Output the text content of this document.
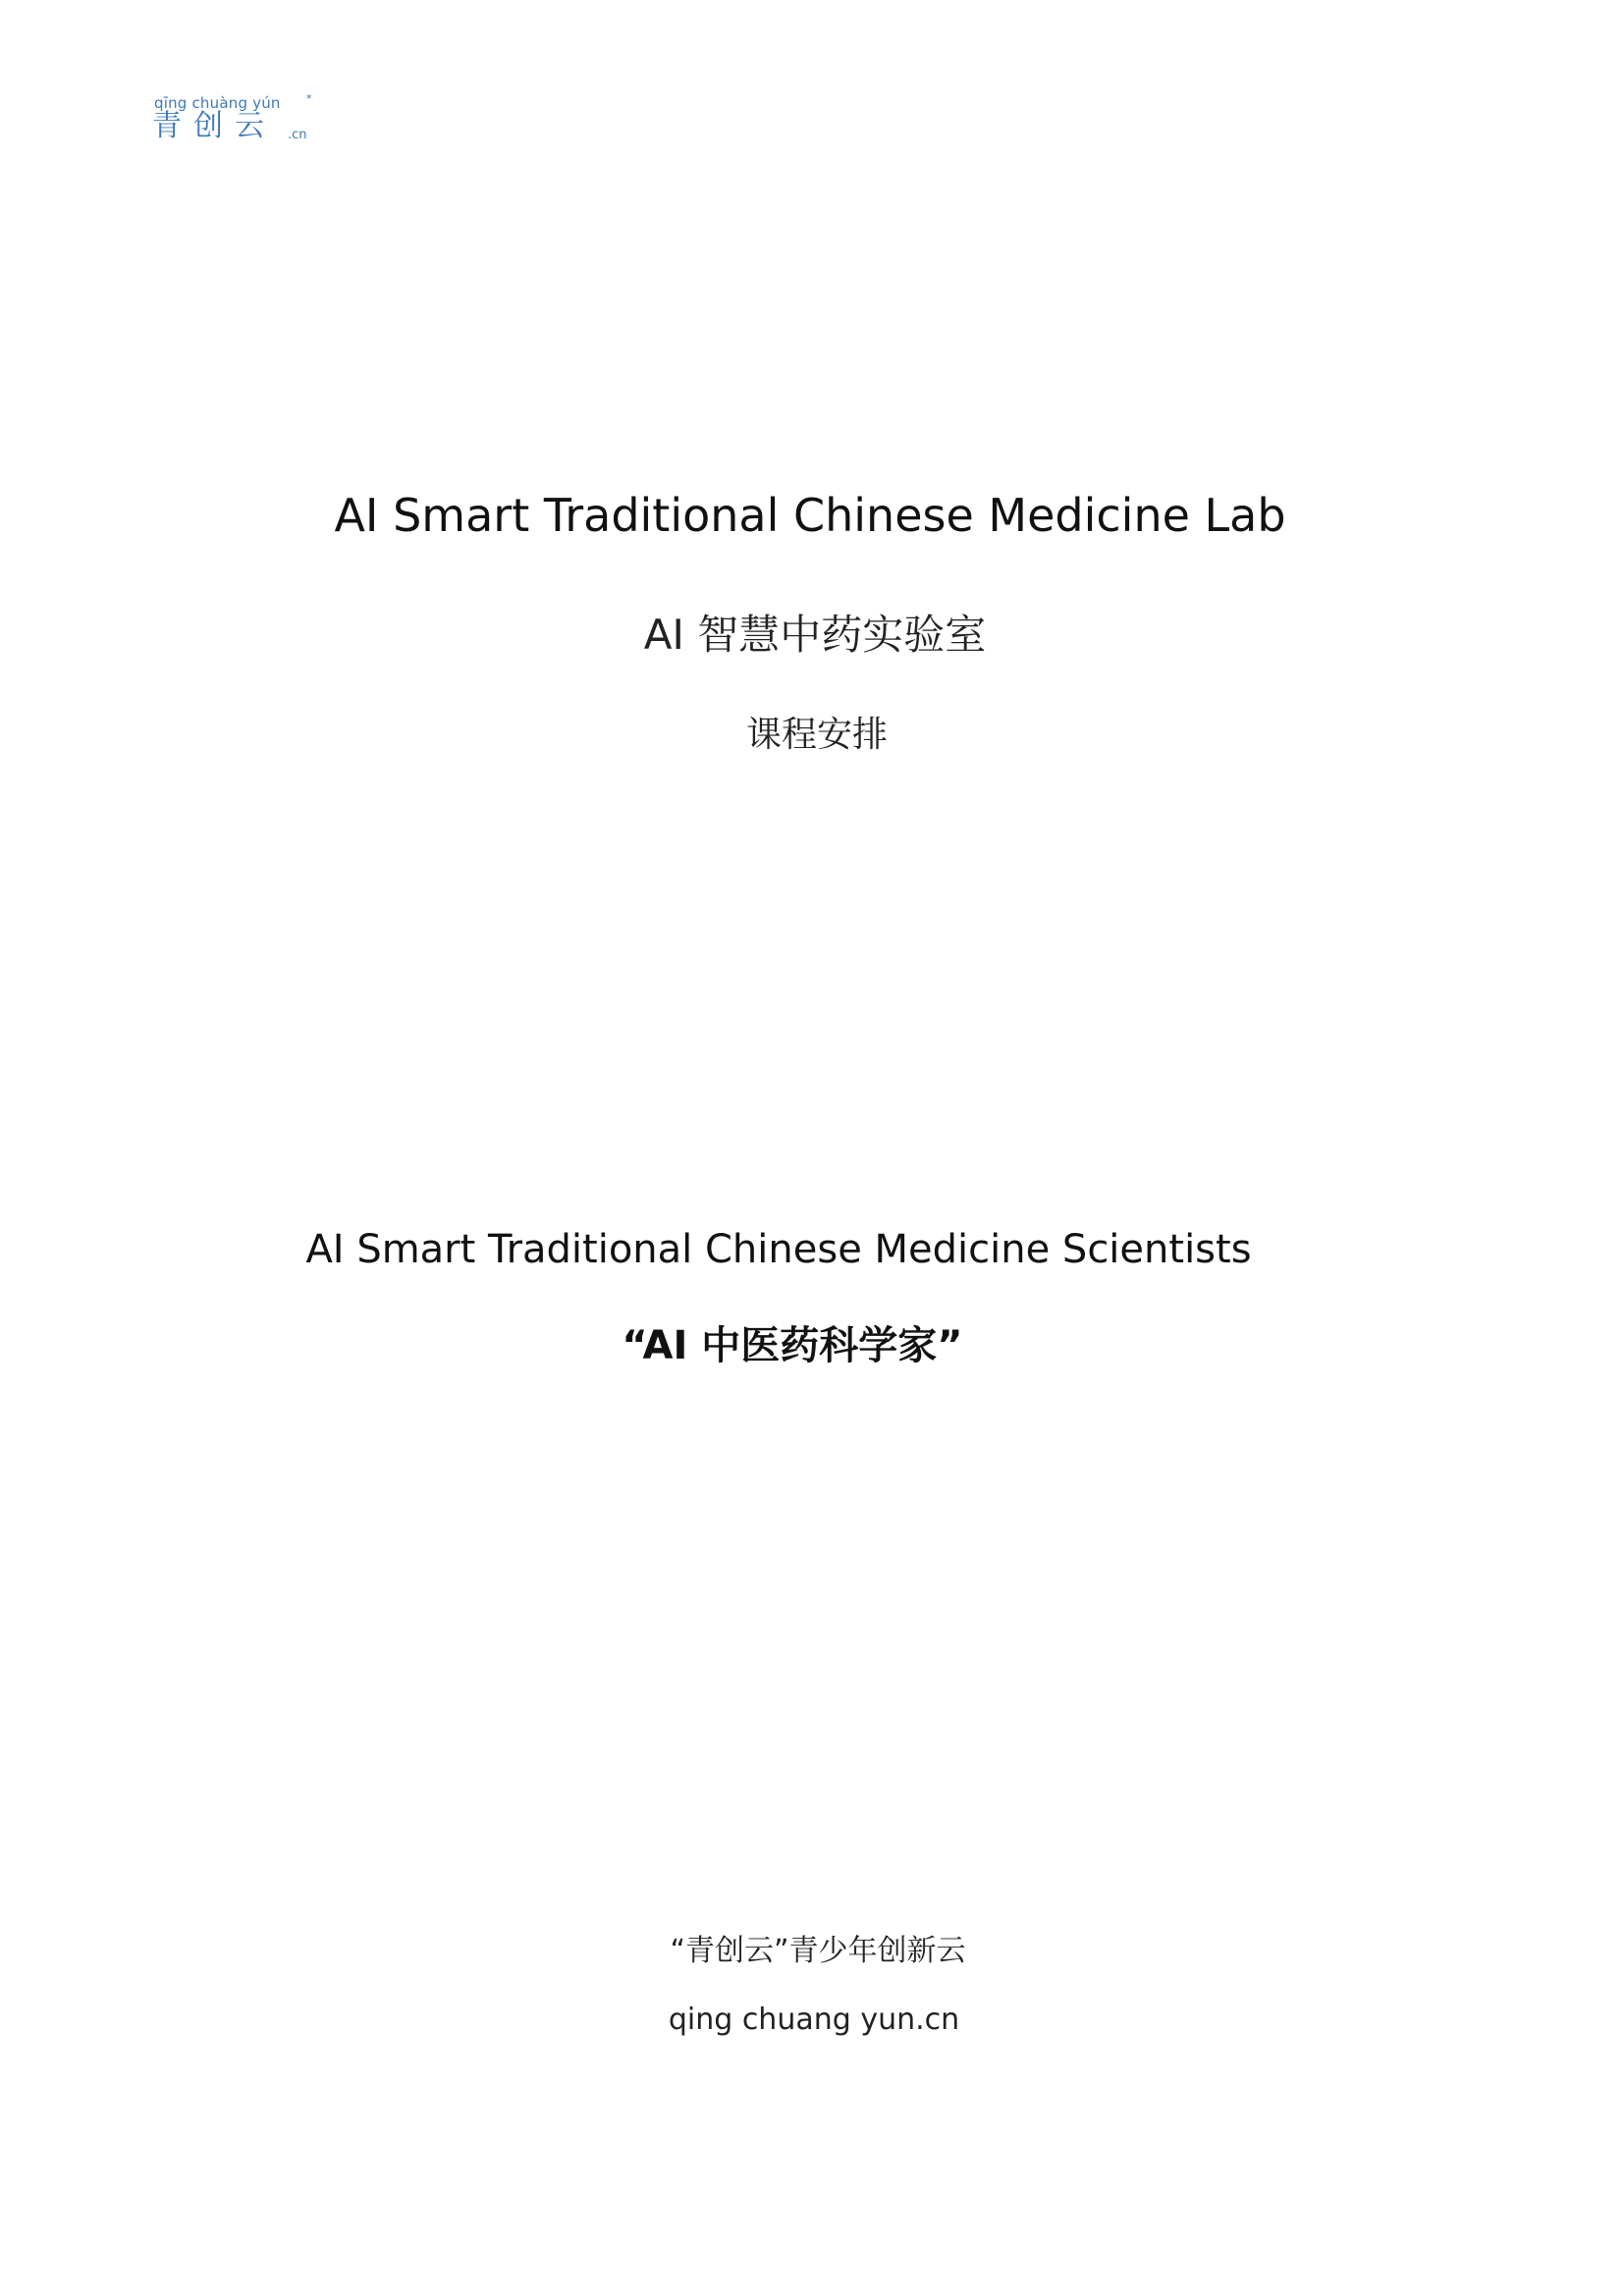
qīng chuàng yún *
青创云 .cn
AI Smart Traditional Chinese Medicine Lab
AI 智慧中药实验室
课程安排
AI Smart Traditional Chinese Medicine Scientists
“AI 中医药科学家”
“青创云”青少年创新云
qing chuang yun.cn
